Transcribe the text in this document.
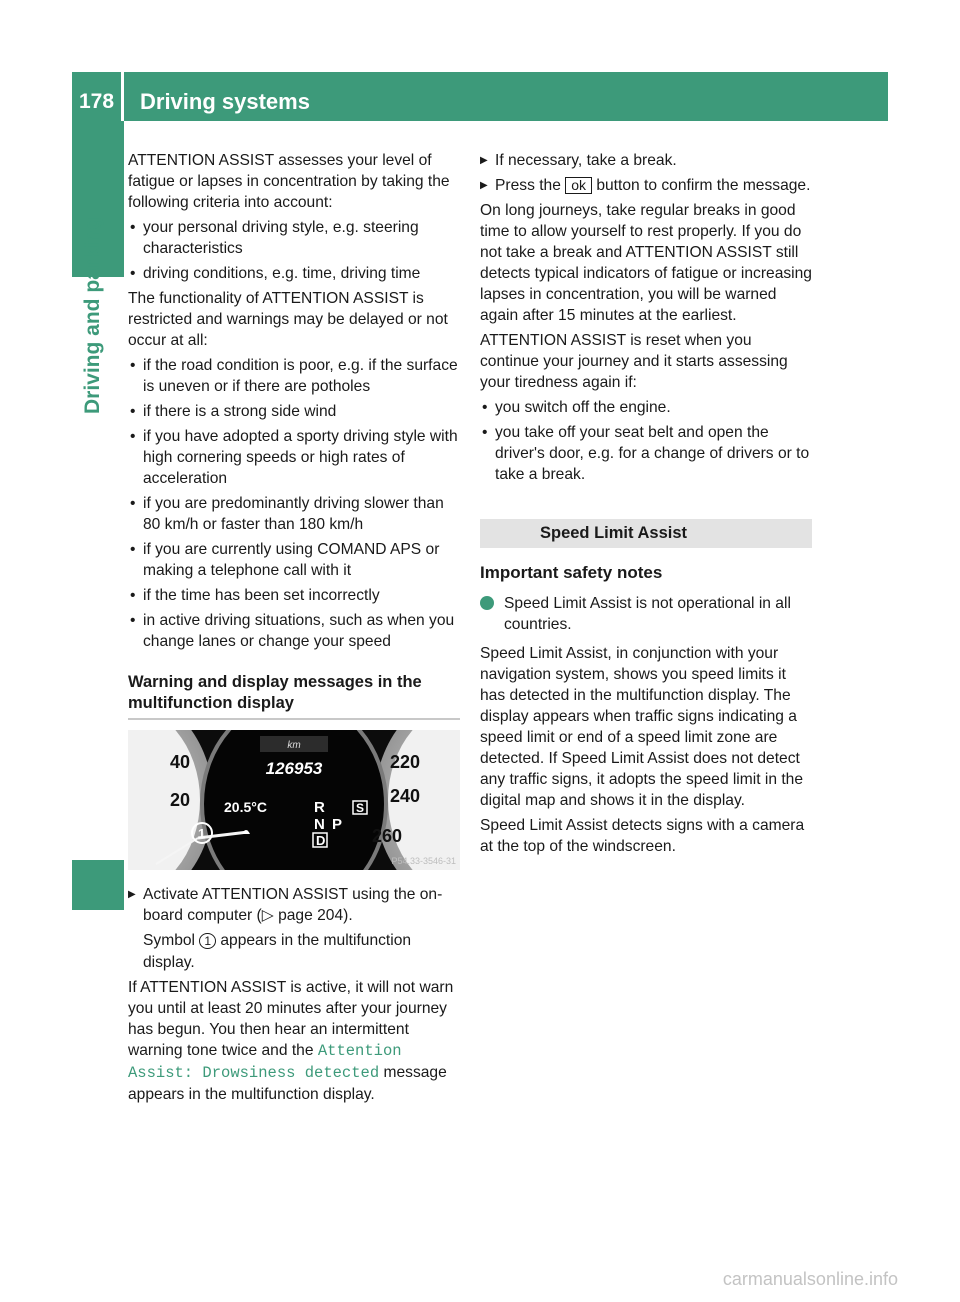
178	Driving systems
Driving and parking

ATTENTION ASSIST assesses your level of fatigue or lapses in concentration by taking the following criteria into account:

• your personal driving style, e.g. steering characteristics
• driving conditions, e.g. time, driving time

The functionality of ATTENTION ASSIST is restricted and warnings may be delayed or not occur at all:

• if the road condition is poor, e.g. if the surface is uneven or if there are potholes
• if there is a strong side wind
• if you have adopted a sporty driving style with high cornering speeds or high rates of acceleration
• if you are predominantly driving slower than 80 km/h or faster than 180 km/h
• if you are currently using COMAND APS or making a telephone call with it
• if the time has been set incorrectly
• in active driving situations, such as when you change lanes or change your speed
Warning and display messages in the multifunction display
40
20
220
240
260
km
126953
20.5°C	R
N P
D
S
1
P54.33-3546-31
▶ Activate ATTENTION ASSIST using the on-board computer (▷ page 204).

Symbol 1 appears in the multifunction display.

If ATTENTION ASSIST is active, it will not warn you until at least 20 minutes after your journey has begun. You then hear an intermittent warning tone twice and the Attention Assist: Drowsiness detected message appears in the multifunction display.

▶ If necessary, take a break.
▶ Press the ok button to confirm the message.

On long journeys, take regular breaks in good time to allow yourself to rest properly. If you do not take a break and ATTENTION ASSIST still detects typical indicators of fatigue or increasing lapses in concentration, you will be warned again after 15 minutes at the earliest.

ATTENTION ASSIST is reset when you continue your journey and it starts assessing your tiredness again if:

• you switch off the engine.
• you take off your seat belt and open the driver's door, e.g. for a change of drivers or to take a break.
Speed Limit Assist
Important safety notes

i Speed Limit Assist is not operational in all countries.

Speed Limit Assist, in conjunction with your navigation system, shows you speed limits it has detected in the multifunction display. The display appears when traffic signs indicating a speed limit or end of a speed limit zone are detected. If Speed Limit Assist does not detect any traffic signs, it adopts the speed limit in the digital map and shows it in the display.

Speed Limit Assist detects signs with a camera at the top of the windscreen.

carmanualsonline.info
